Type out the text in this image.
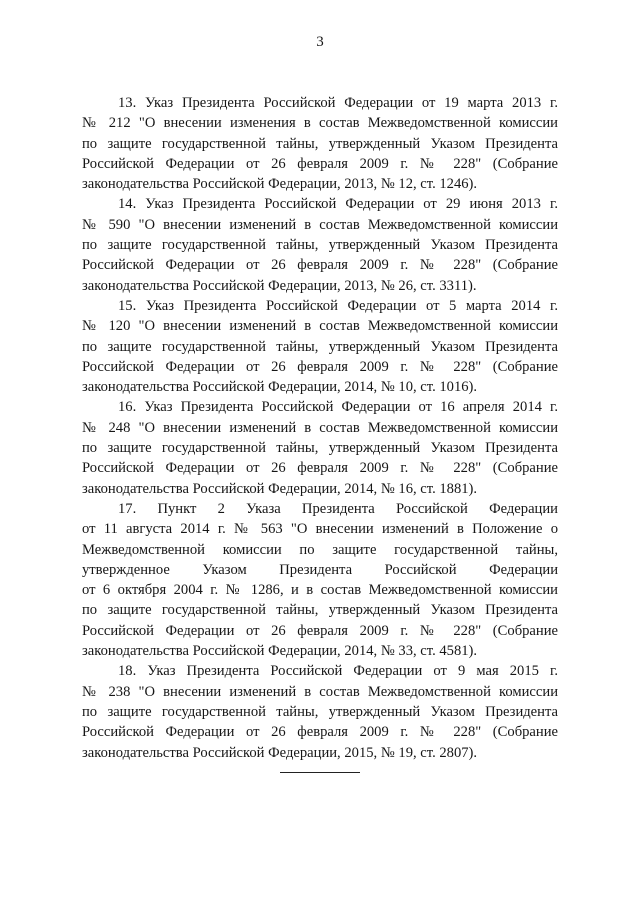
3
13. Указ Президента Российской Федерации от 19 марта 2013 г.
№ 212 "О внесении изменения в состав Межведомственной комиссии
по защите государственной тайны, утвержденный Указом Президента
Российской Федерации от 26 февраля 2009 г. № 228" (Собрание
законодательства Российской Федерации, 2013, № 12, ст. 1246).
14. Указ Президента Российской Федерации от 29 июня 2013 г.
№ 590 "О внесении изменений в состав Межведомственной комиссии
по защите государственной тайны, утвержденный Указом Президента
Российской Федерации от 26 февраля 2009 г. № 228" (Собрание
законодательства Российской Федерации, 2013, № 26, ст. 3311).
15. Указ Президента Российской Федерации от 5 марта 2014 г.
№ 120 "О внесении изменений в состав Межведомственной комиссии
по защите государственной тайны, утвержденный Указом Президента
Российской Федерации от 26 февраля 2009 г. № 228" (Собрание
законодательства Российской Федерации, 2014, № 10, ст. 1016).
16. Указ Президента Российской Федерации от 16 апреля 2014 г.
№ 248 "О внесении изменений в состав Межведомственной комиссии
по защите государственной тайны, утвержденный Указом Президента
Российской Федерации от 26 февраля 2009 г. № 228" (Собрание
законодательства Российской Федерации, 2014, № 16, ст. 1881).
17. Пункт 2 Указа Президента Российской Федерации
от 11 августа 2014 г. № 563 "О внесении изменений в Положение о
Межведомственной комиссии по защите государственной тайны,
утвержденное Указом Президента Российской Федерации
от 6 октября 2004 г. № 1286, и в состав Межведомственной комиссии
по защите государственной тайны, утвержденный Указом Президента
Российской Федерации от 26 февраля 2009 г. № 228" (Собрание
законодательства Российской Федерации, 2014, № 33, ст. 4581).
18. Указ Президента Российской Федерации от 9 мая 2015 г.
№ 238 "О внесении изменений в состав Межведомственной комиссии
по защите государственной тайны, утвержденный Указом Президента
Российской Федерации от 26 февраля 2009 г. № 228" (Собрание
законодательства Российской Федерации, 2015, № 19, ст. 2807).
